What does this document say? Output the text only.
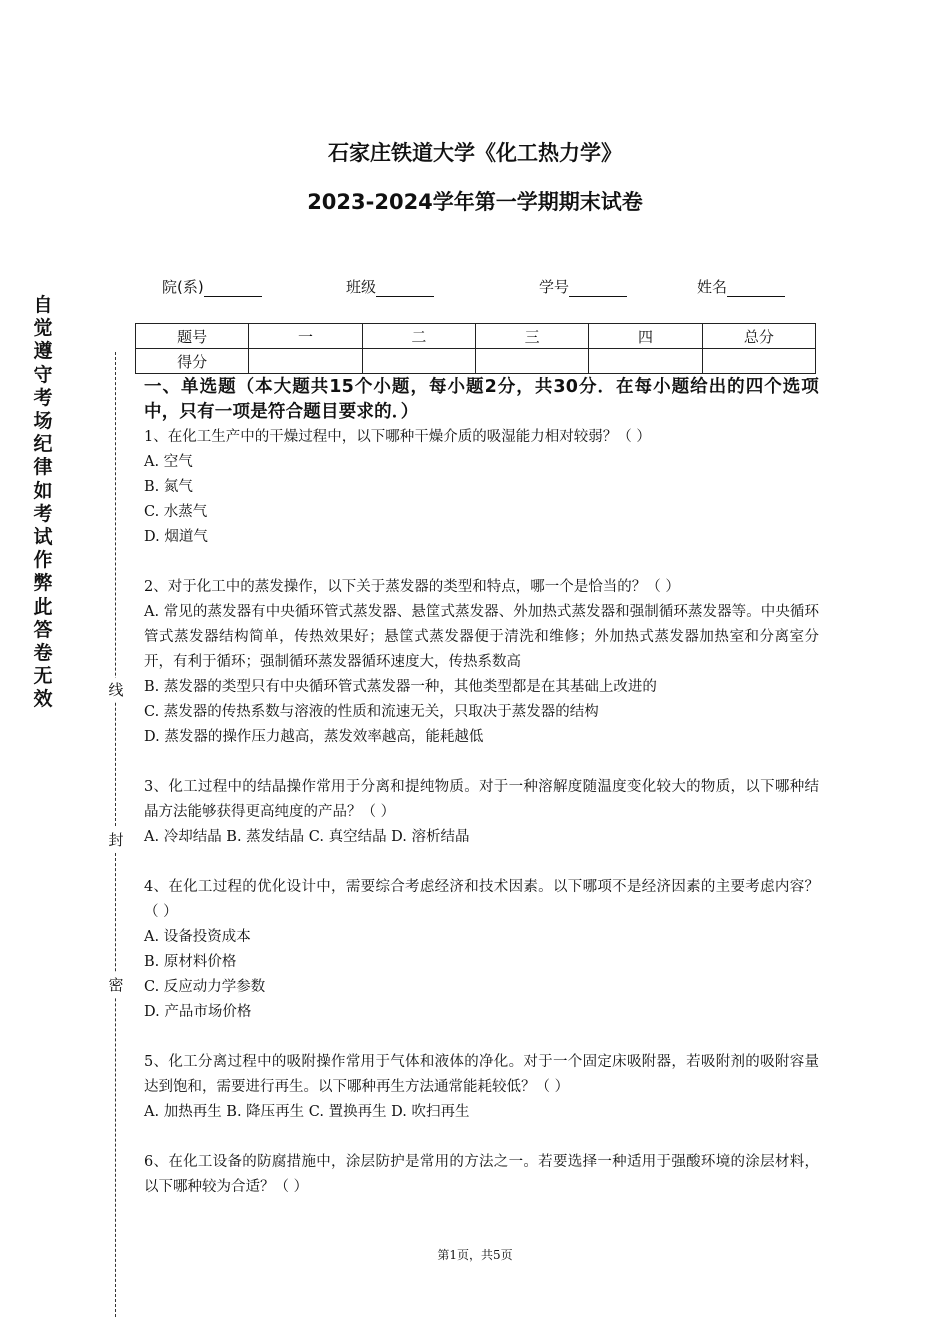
自
觉
遵
守
考
场
纪
律
如
考
试
作
弊
此
答
卷
无
效	线
封
密
石家庄铁道大学《化工热力学》
2023-2024学年第一学期期末试卷
院(系)	班级	学号	姓名
题号	一	二	三	四	总分
得分					

一、单选题（本大题共15个小题，每小题2分，共30分．在每小题给出的四个选项中，只有一项是符合题目要求的．）

1、在化工生产中的干燥过程中，以下哪种干燥介质的吸湿能力相对较弱？（ ）

A. 空气

B. 氮气

C. 水蒸气

D. 烟道气

2、对于化工中的蒸发操作，以下关于蒸发器的类型和特点，哪一个是恰当的？（ ）

A. 常见的蒸发器有中央循环管式蒸发器、悬筐式蒸发器、外加热式蒸发器和强制循环蒸发器等。中央循环管式蒸发器结构简单，传热效果好；悬筐式蒸发器便于清洗和维修；外加热式蒸发器加热室和分离室分开，有利于循环；强制循环蒸发器循环速度大，传热系数高

B. 蒸发器的类型只有中央循环管式蒸发器一种，其他类型都是在其基础上改进的

C. 蒸发器的传热系数与溶液的性质和流速无关，只取决于蒸发器的结构

D. 蒸发器的操作压力越高，蒸发效率越高，能耗越低

3、化工过程中的结晶操作常用于分离和提纯物质。对于一种溶解度随温度变化较大的物质，以下哪种结晶方法能够获得更高纯度的产品？（ ）

A. 冷却结晶 B. 蒸发结晶 C. 真空结晶 D. 溶析结晶

4、在化工过程的优化设计中，需要综合考虑经济和技术因素。以下哪项不是经济因素的主要考虑内容？（ ）

A. 设备投资成本

B. 原材料价格

C. 反应动力学参数

D. 产品市场价格

5、化工分离过程中的吸附操作常用于气体和液体的净化。对于一个固定床吸附器，若吸附剂的吸附容量达到饱和，需要进行再生。以下哪种再生方法通常能耗较低？（ ）

A. 加热再生 B. 降压再生 C. 置换再生 D. 吹扫再生

6、在化工设备的防腐措施中，涂层防护是常用的方法之一。若要选择一种适用于强酸环境的涂层材料，以下哪种较为合适？（ ）

第1页，共5页
